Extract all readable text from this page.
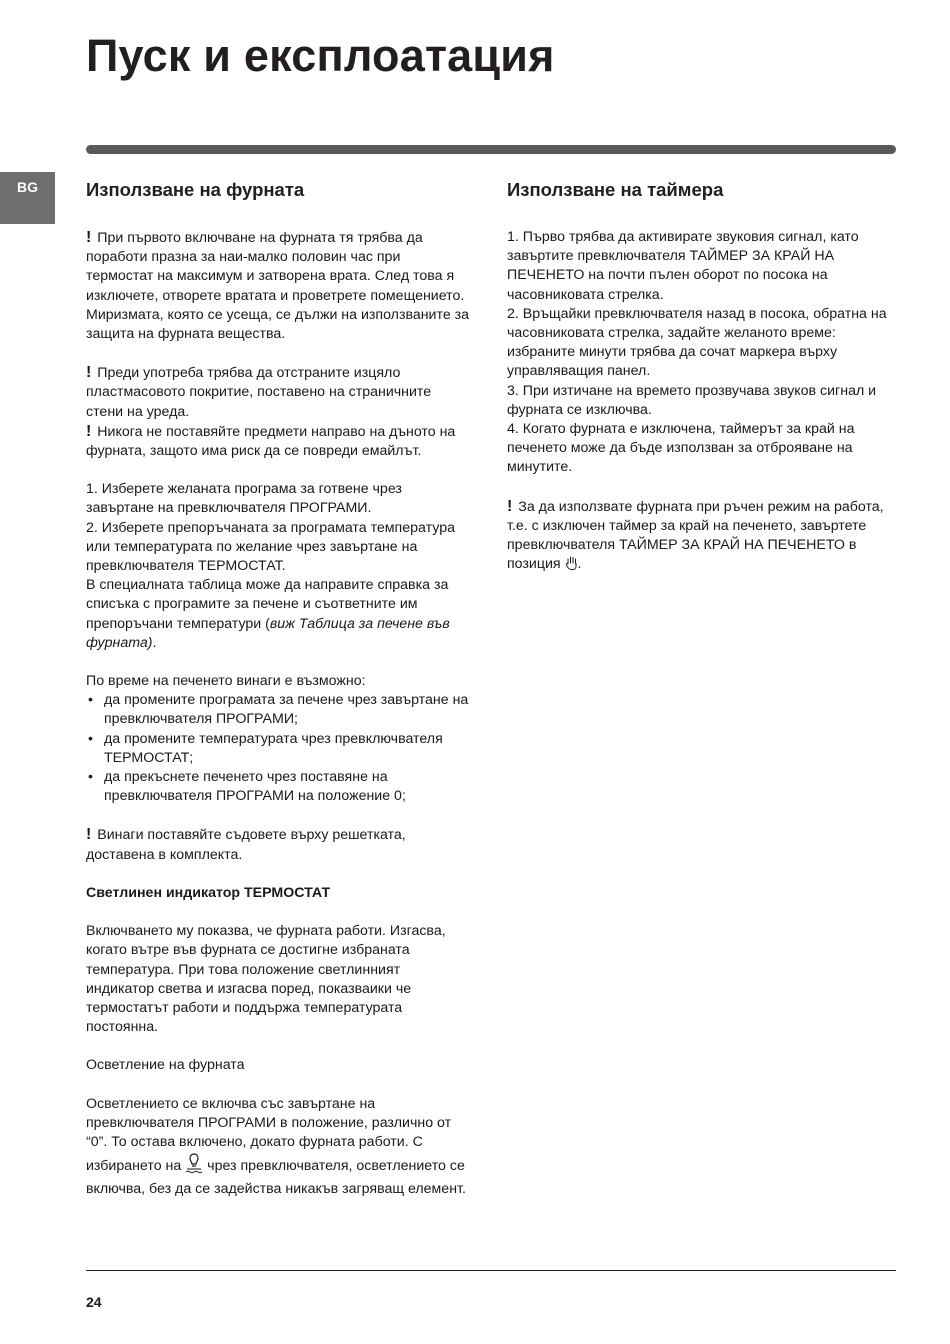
Пуск и експлоатация
BG	Използване на фурната

! При първото включване на фурната тя трябва да поработи празна за наи-малко половин час при термостат на максимум и затворена врата. След това я изключете, отворете вратата и проветрете помещението. Миризмата, която се усеща, се дължи на използваните за защита на фурната вещества.

! Преди употреба трябва да отстраните изцяло пластмасовото покритие, поставено на страничните стени на уреда.

! Никога не поставяйте предмети направо на дъното на фурната, защото има риск да се повреди емайлът.

1. Изберете желаната програма за готвене чрез завъртане на превключвателя ПРОГРАМИ.
2. Изберете препоръчаната за програмата температура или температурата по желание чрез завъртане на превключвателя ТЕРМОСТАТ.
В специалната таблица може да направите справка за списъка с програмите за печене и съответните им препоръчани температури (виж Таблица за печене във фурната).

По време на печенето винаги е възможно:

• да промените програмата за печене чрез завъртане на превключвателя ПРОГРАМИ;
• да промените температурата чрез превключвателя ТЕРМОСТАТ;
• да прекъснете печенето чрез поставяне на превключвателя ПРОГРАМИ на положение 0;

! Винаги поставяйте съдовете върху решетката, доставена в комплекта.

Светлинен индикатор ТЕРМОСТАТ

Включването му показва, че фурната работи. Изгасва, когато вътре във фурната се достигне избраната температура. При това положение светлинният индикатор светва и изгасва поред, показваики че термостатът работи и поддържа температурата постоянна.

Осветление на фурната

Осветлението се включва със завъртане на превключвателя ПРОГРАМИ в положение, различно от “0”. То остава включено, докато фурната работи. С избирането на чрез превключвателя, осветлението се включва, без да се задейства никакъв загряващ елемент.

Използване на таймера

1. Първо трябва да активирате звуковия сигнал, като завъртите превключвателя ТАЙМЕР ЗА КРАЙ НА ПЕЧЕНЕТО на почти пълен оборот по посока на часовниковата стрелка.
2. Връщайки превключвателя назад в посока, обратна на часовниковата стрелка, задайте желаното време: избраните минути трябва да сочат маркера върху управляващия панел.
3. При изтичане на времето прозвучава звуков сигнал и фурната се изключва.
4. Когато фурната е изключена, таймерът за край на печенето може да бъде използван за отброяване на минутите.

! За да използвате фурната при ръчен режим на работа, т.е. с изключен таймер за край на печенето, завъртете превключвателя ТАЙМЕР ЗА КРАЙ НА ПЕЧЕНЕТО в позиция .

24
